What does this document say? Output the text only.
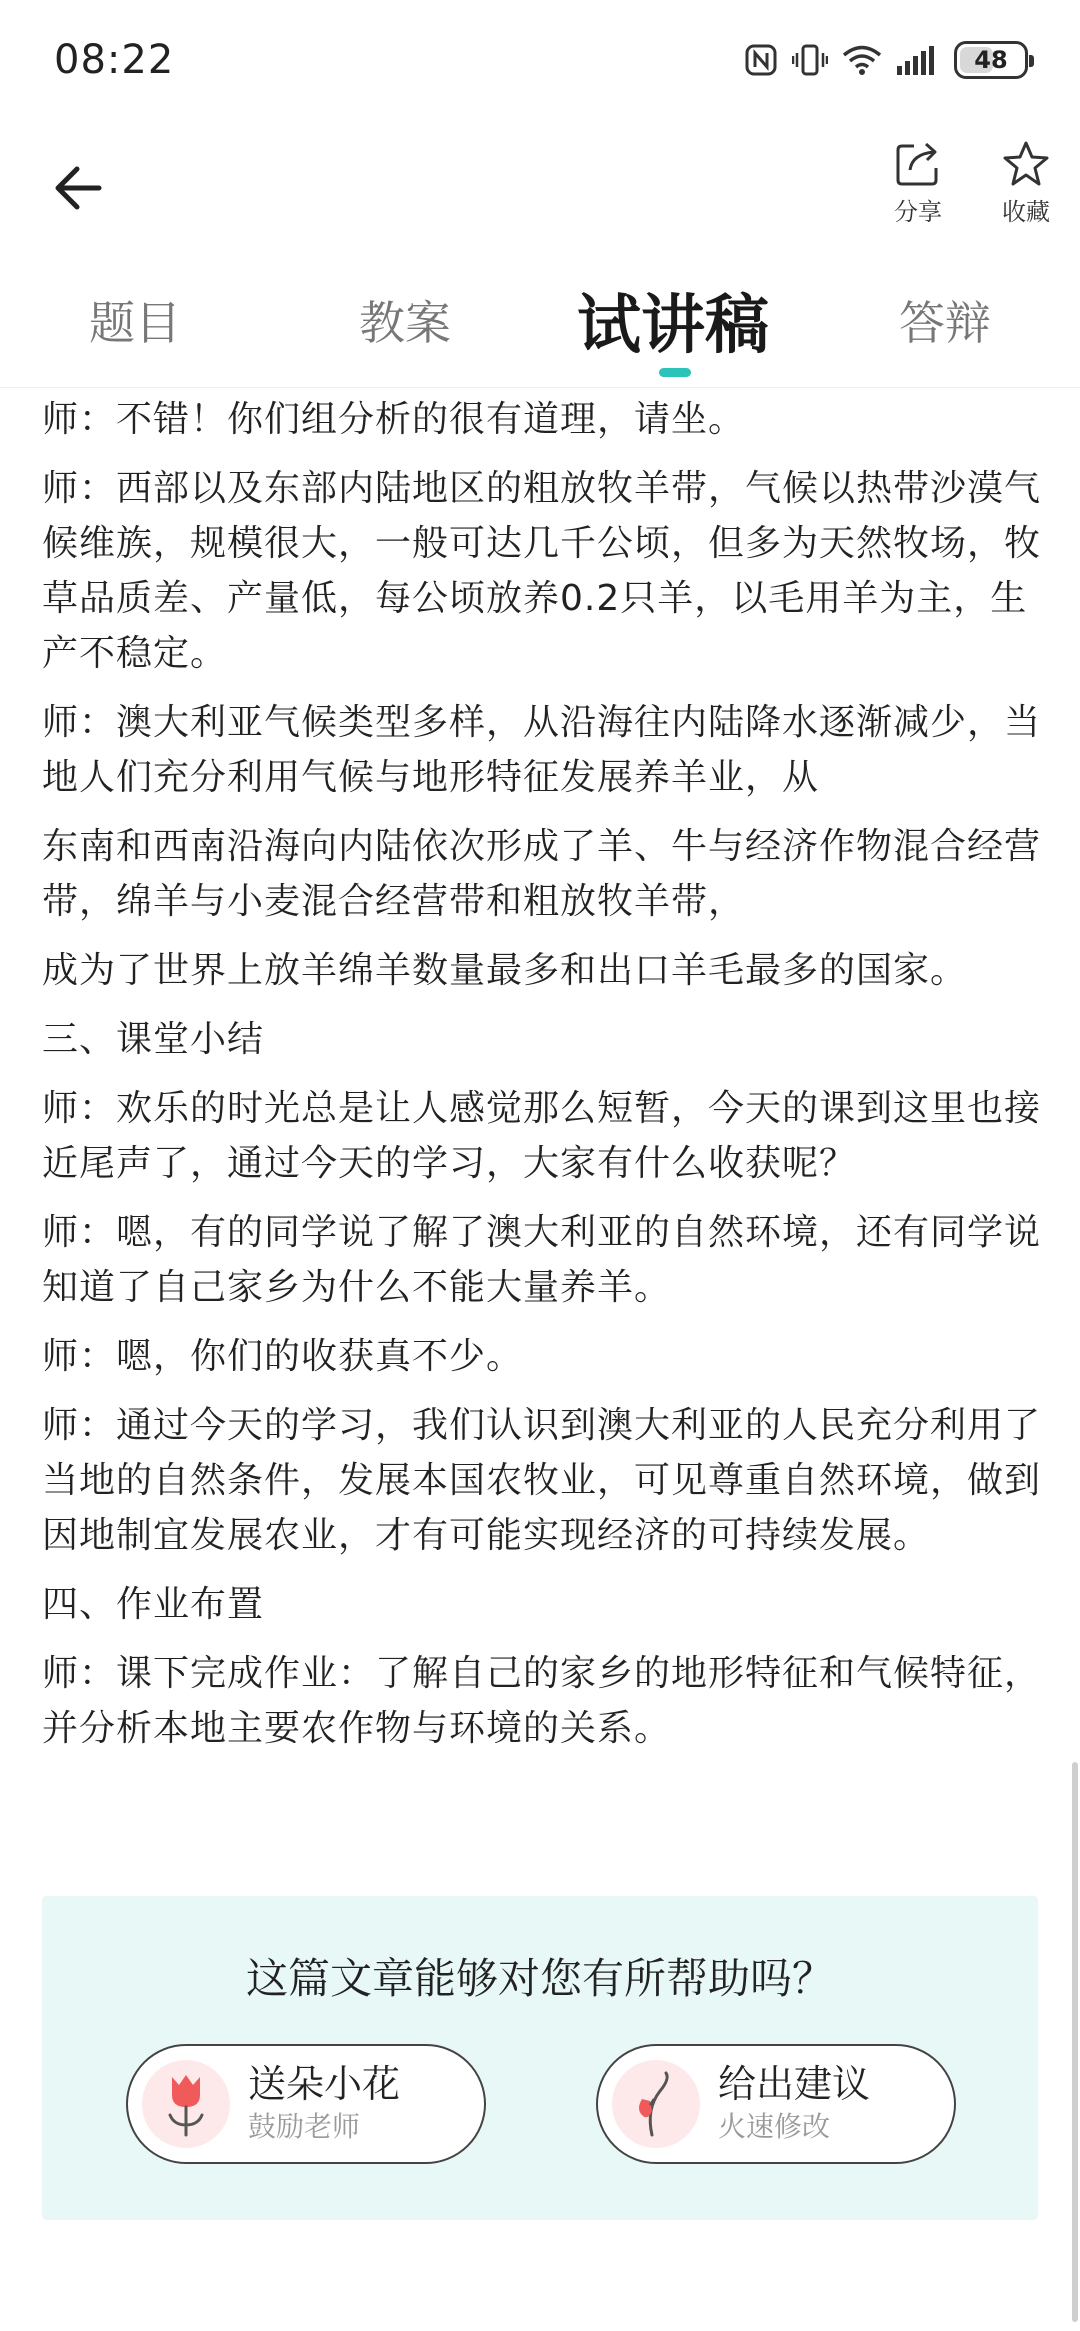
08:22	48
分享	收藏
题目	教案	试讲稿	答辩

师：不错！你们组分析的很有道理，请坐。

师：西部以及东部内陆地区的粗放牧羊带，气候以热带沙漠气候维族，规模很大，一般可达几千公顷，但多为天然牧场，牧草品质差、产量低，每公顷放养0.2只羊，以毛用羊为主，生产不稳定。

师：澳大利亚气候类型多样，从沿海往内陆降水逐渐减少，当地人们充分利用气候与地形特征发展养羊业，从

东南和西南沿海向内陆依次形成了羊、牛与经济作物混合经营带，绵羊与小麦混合经营带和粗放牧羊带，

成为了世界上放羊绵羊数量最多和出口羊毛最多的国家。

三、课堂小结

师：欢乐的时光总是让人感觉那么短暂，今天的课到这里也接近尾声了，通过今天的学习，大家有什么收获呢？

师：嗯，有的同学说了解了澳大利亚的自然环境，还有同学说知道了自己家乡为什么不能大量养羊。

师：嗯，你们的收获真不少。

师：通过今天的学习，我们认识到澳大利亚的人民充分利用了当地的自然条件，发展本国农牧业，可见尊重自然环境，做到因地制宜发展农业，才有可能实现经济的可持续发展。

四、作业布置

师：课下完成作业：了解自己的家乡的地形特征和气候特征，并分析本地主要农作物与环境的关系。

这篇文章能够对您有所帮助吗？
送朵小花
鼓励老师
给出建议
火速修改
